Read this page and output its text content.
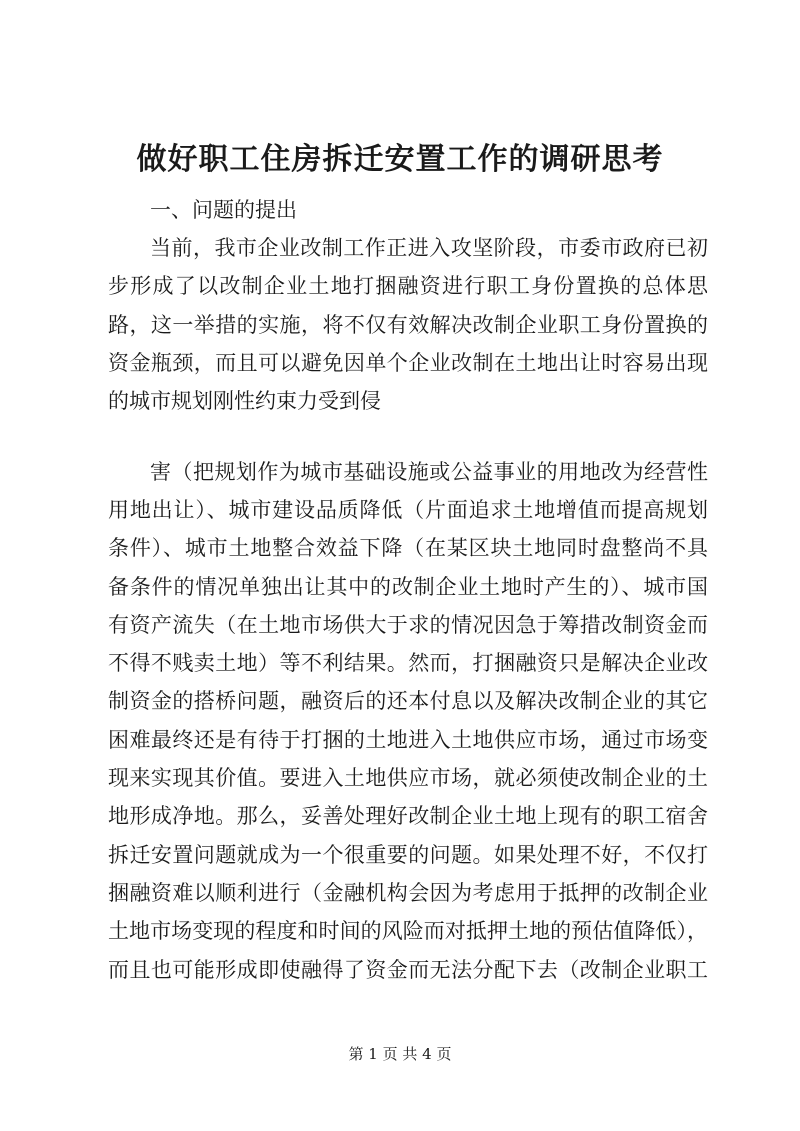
做好职工住房拆迁安置工作的调研思考
一、问题的提出
当前，我市企业改制工作正进入攻坚阶段，市委市政府已初
步形成了以改制企业土地打捆融资进行职工身份置换的总体思
路，这一举措的实施，将不仅有效解决改制企业职工身份置换的
资金瓶颈，而且可以避免因单个企业改制在土地出让时容易出现
的城市规划刚性约束力受到侵
害（把规划作为城市基础设施或公益事业的用地改为经营性
用地出让）、城市建设品质降低（片面追求土地增值而提高规划
条件）、城市土地整合效益下降（在某区块土地同时盘整尚不具
备条件的情况单独出让其中的改制企业土地时产生的）、城市国
有资产流失（在土地市场供大于求的情况因急于筹措改制资金而
不得不贱卖土地）等不利结果。然而，打捆融资只是解决企业改
制资金的搭桥问题，融资后的还本付息以及解决改制企业的其它
困难最终还是有待于打捆的土地进入土地供应市场，通过市场变
现来实现其价值。要进入土地供应市场，就必须使改制企业的土
地形成净地。那么，妥善处理好改制企业土地上现有的职工宿舍
拆迁安置问题就成为一个很重要的问题。如果处理不好，不仅打
捆融资难以顺利进行（金融机构会因为考虑用于抵押的改制企业
土地市场变现的程度和时间的风险而对抵押土地的预估值降低），
而且也可能形成即使融得了资金而无法分配下去（改制企业职工
第 1 页 共 4 页
